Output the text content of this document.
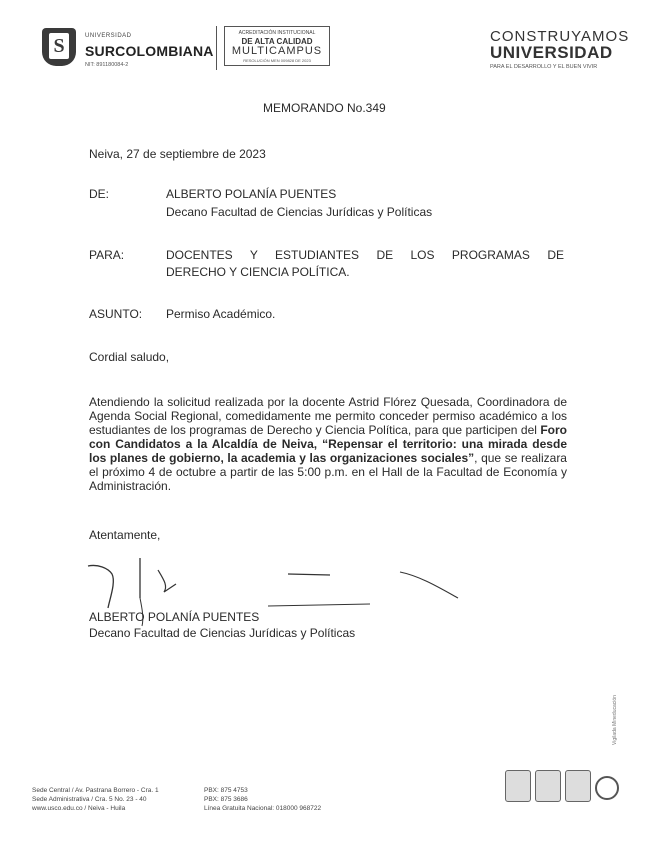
S	UNIVERSIDAD
SURCOLOMBIANA
NIT: 891180084-2
ACREDITACIÓN INSTITUCIONAL
DE ALTA CALIDAD
MULTICAMPUS
RESOLUCIÓN MEN 009828 DE 2023
CONSTRUYAMOS
UNIVERSIDAD
PARA EL DESARROLLO Y EL BUEN VIVIR
MEMORANDO No.349
Neiva, 27 de septiembre de 2023
DE:	ALBERTO POLANÍA PUENTES
Decano Facultad de Ciencias Jurídicas y Políticas
PARA:	DOCENTES Y ESTUDIANTES DE LOS PROGRAMAS DE
DERECHO Y CIENCIA POLÍTICA.
ASUNTO: Permiso Académico.
Cordial saludo,
Atendiendo la solicitud realizada por la docente Astrid Flórez Quesada, Coordinadora de Agenda Social Regional, comedidamente me permito conceder permiso académico a los estudiantes de los programas de Derecho y Ciencia Política, para que participen del Foro con Candidatos a la Alcaldía de Neiva, “Repensar el territorio: una mirada desde los planes de gobierno, la academia y las organizaciones sociales”, que se realizara el próximo 4 de octubre a partir de las 5:00 p.m. en el Hall de la Facultad de Economía y Administración.
Atentamente,
ALBERTO POLANÍA PUENTES
Decano Facultad de Ciencias Jurídicas y Políticas
Vigilada Mineducación
Sede Central / Av. Pastrana Borrero - Cra. 1
Sede Administrativa / Cra. 5 No. 23 - 40
www.usco.edu.co / Neiva - Huila
PBX: 875 4753
PBX: 875 3686
Línea Gratuita Nacional: 018000 968722
